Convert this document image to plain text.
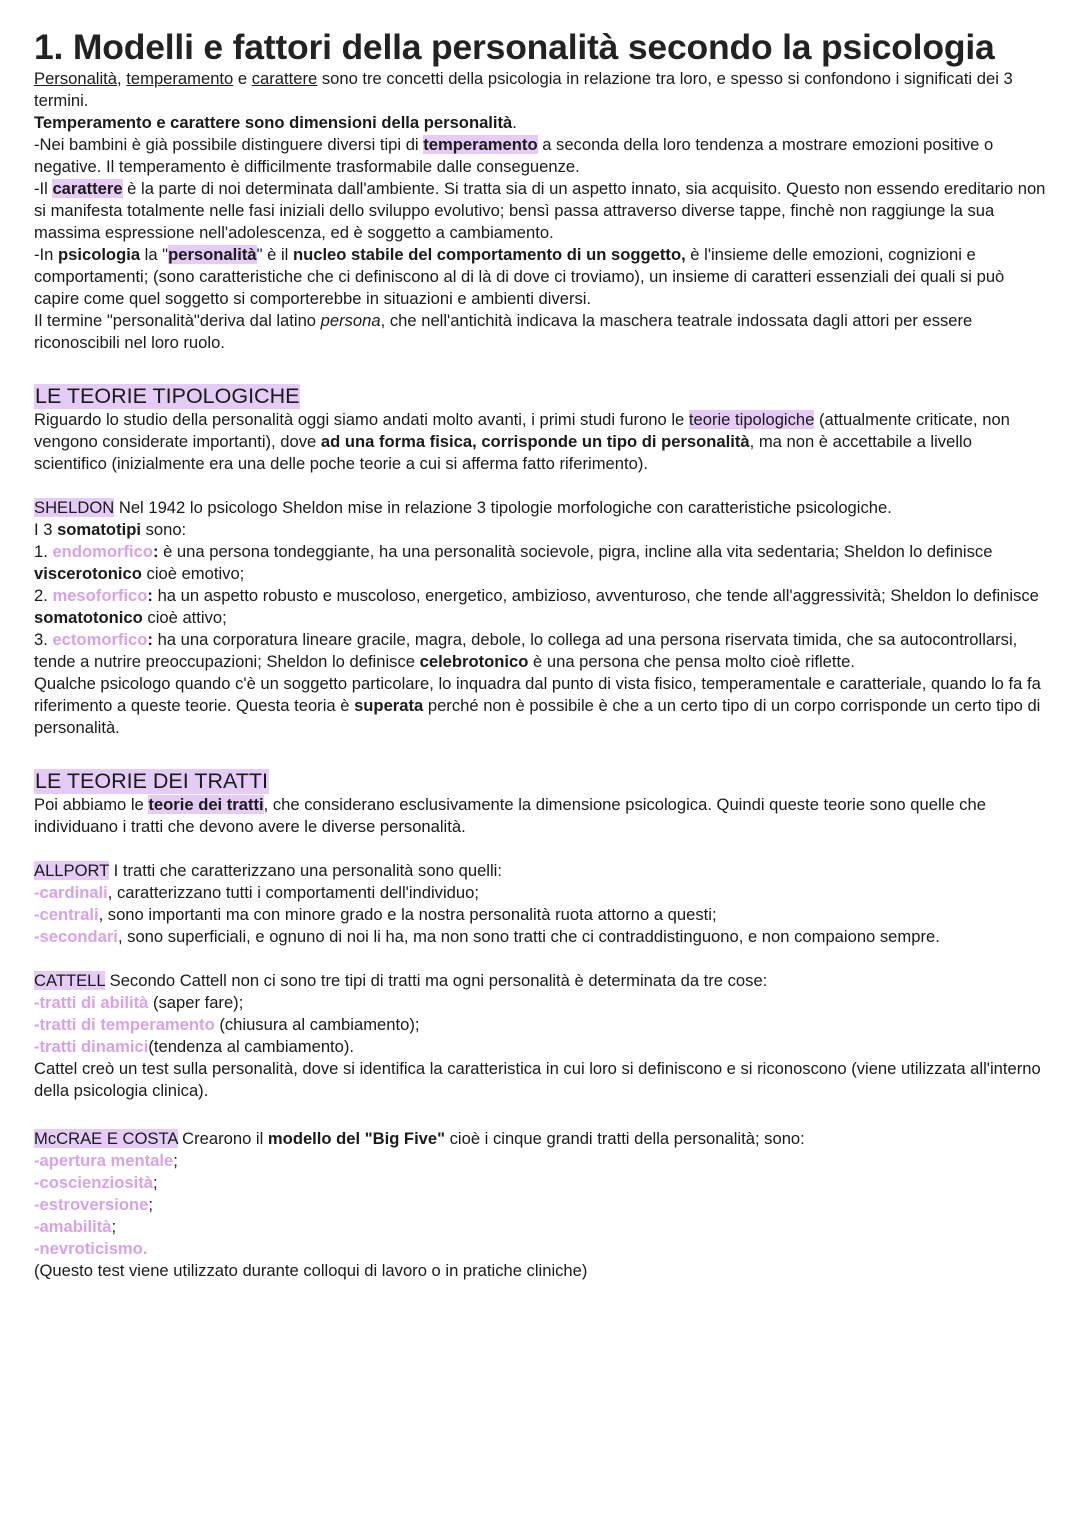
1. Modelli e fattori della personalità secondo la psicologia

Personalità, temperamento e carattere sono tre concetti della psicologia in relazione tra loro, e spesso si confondono i significati dei 3 termini.

Temperamento e carattere sono dimensioni della personalità.

-Nei bambini è già possibile distinguere diversi tipi di temperamento a seconda della loro tendenza a mostrare emozioni positive o negative. Il temperamento è difficilmente trasformabile dalle conseguenze.

-Il carattere è la parte di noi determinata dall'ambiente. Si tratta sia di un aspetto innato, sia acquisito. Questo non essendo ereditario non si manifesta totalmente nelle fasi iniziali dello sviluppo evolutivo; bensì passa attraverso diverse tappe, finchè non raggiunge la sua massima espressione nell'adolescenza, ed è soggetto a cambiamento.

-In psicologia la "personalità" è il nucleo stabile del comportamento di un soggetto, è l'insieme delle emozioni, cognizioni e comportamenti; (sono caratteristiche che ci definiscono al di là di dove ci troviamo), un insieme di caratteri essenziali dei quali si può capire come quel soggetto si comporterebbe in situazioni e ambienti diversi.

Il termine "personalità"deriva dal latino persona, che nell'antichità indicava la maschera teatrale indossata dagli attori per essere riconoscibili nel loro ruolo.

LE TEORIE TIPOLOGICHE

Riguardo lo studio della personalità oggi siamo andati molto avanti, i primi studi furono le teorie tipologiche (attualmente criticate, non vengono considerate importanti), dove ad una forma fisica, corrisponde un tipo di personalità, ma non è accettabile a livello scientifico (inizialmente era una delle poche teorie a cui si afferma fatto riferimento).

SHELDON Nel 1942 lo psicologo Sheldon mise in relazione 3 tipologie morfologiche con caratteristiche psicologiche.

I 3 somatotipi sono:

1. endomorfico: è una persona tondeggiante, ha una personalità socievole, pigra, incline alla vita sedentaria; Sheldon lo definisce viscerotonico cioè emotivo;

2. mesoforfico: ha un aspetto robusto e muscoloso, energetico, ambizioso, avventuroso, che tende all'aggressività; Sheldon lo definisce somatotonico cioè attivo;

3. ectomorfico: ha una corporatura lineare gracile, magra, debole, lo collega ad una persona riservata timida, che sa autocontrollarsi, tende a nutrire preoccupazioni; Sheldon lo definisce celebrotonico è una persona che pensa molto cioè riflette.

Qualche psicologo quando c'è un soggetto particolare, lo inquadra dal punto di vista fisico, temperamentale e caratteriale, quando lo fa fa riferimento a queste teorie. Questa teoria è superata perché non è possibile è che a un certo tipo di un corpo corrisponde un certo tipo di personalità.

LE TEORIE DEI TRATTI

Poi abbiamo le teorie dei tratti, che considerano esclusivamente la dimensione psicologica. Quindi queste teorie sono quelle che individuano i tratti che devono avere le diverse personalità.

ALLPORT I tratti che caratterizzano una personalità sono quelli:

-cardinali, caratterizzano tutti i comportamenti dell'individuo;

-centrali, sono importanti ma con minore grado e la nostra personalità ruota attorno a questi;

-secondari, sono superficiali, e ognuno di noi li ha, ma non sono tratti che ci contraddistinguono, e non compaiono sempre.

CATTELL Secondo Cattell non ci sono tre tipi di tratti ma ogni personalità è determinata da tre cose:

-tratti di abilità (saper fare);

-tratti di temperamento (chiusura al cambiamento);

-tratti dinamici(tendenza al cambiamento).

Cattel creò un test sulla personalità, dove si identifica la caratteristica in cui loro si definiscono e si riconoscono (viene utilizzata all'interno della psicologia clinica).

McCRAE E COSTA Crearono il modello del "Big Five" cioè i cinque grandi tratti della personalità; sono:

-apertura mentale;

-coscienziosità;

-estroversione;

-amabilità;

-nevroticismo.

(Questo test viene utilizzato durante colloqui di lavoro o in pratiche cliniche)
